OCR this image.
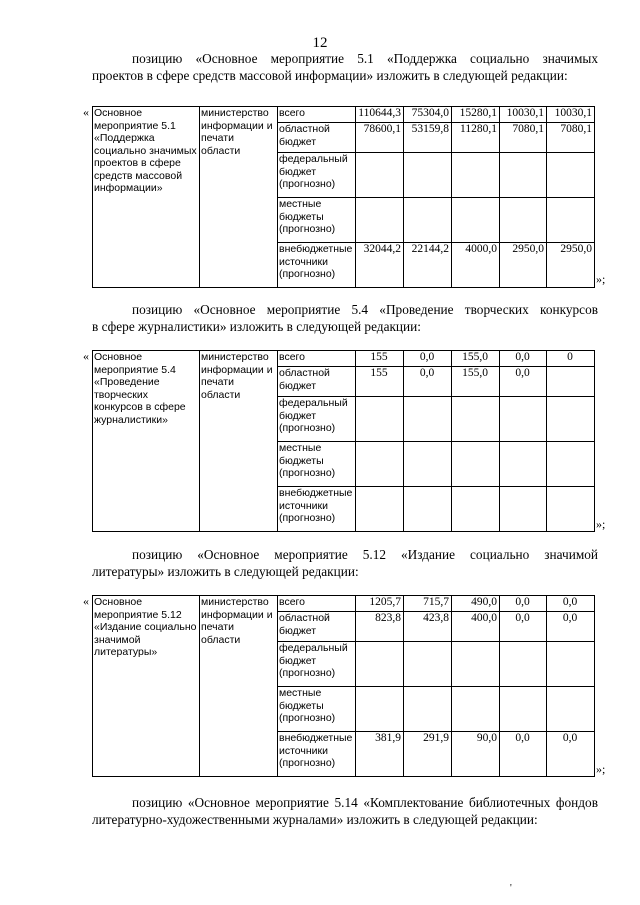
12
позицию «Основное мероприятие 5.1 «Поддержка социально значимых
проектов в сфере средств массовой информации» изложить в следующей редакции:
« Основное мероприятие 5.1 «Поддержка социально значимых проектов в сфере средств массовой информации»	министерство информации и печати области	всего	110644,3	75304,0	15280,1	10030,1	10030,1
		областной бюджет	78600,1	53159,8	11280,1	7080,1	7080,1
		федеральный бюджет (прогнозно)					
		местные бюджеты (прогнозно)					
		внебюджетные источники (прогнозно)	32044,2	22144,2	4000,0	2950,0	2950,0
»;
позицию «Основное мероприятие 5.4 «Проведение творческих конкурсов
в сфере журналистики» изложить в следующей редакции:
« Основное мероприятие 5.4 «Проведение творческих конкурсов в сфере журналистики»	министерство информации и печати области	всего	155	0,0	155,0	0,0	0
		областной бюджет	155	0,0	155,0	0,0	
		федеральный бюджет (прогнозно)					
		местные бюджеты (прогнозно)					
		внебюджетные источники (прогнозно)						»;
позицию «Основное мероприятие 5.12 «Издание социально значимой
литературы» изложить в следующей редакции:
« Основное мероприятие 5.12 «Издание социально значимой литературы»	министерство информации и печати области	всего	1205,7	715,7	490,0	0,0	0,0
		областной бюджет	823,8	423,8	400,0	0,0	0,0
		федеральный бюджет (прогнозно)					
		местные бюджеты (прогнозно)					
		внебюджетные источники (прогнозно)	381,9	291,9	90,0	0,0	0,0
»;
позицию «Основное мероприятие 5.14 «Комплектование библиотечных фондов
литературно-художественными журналами» изложить в следующей редакции:
'
